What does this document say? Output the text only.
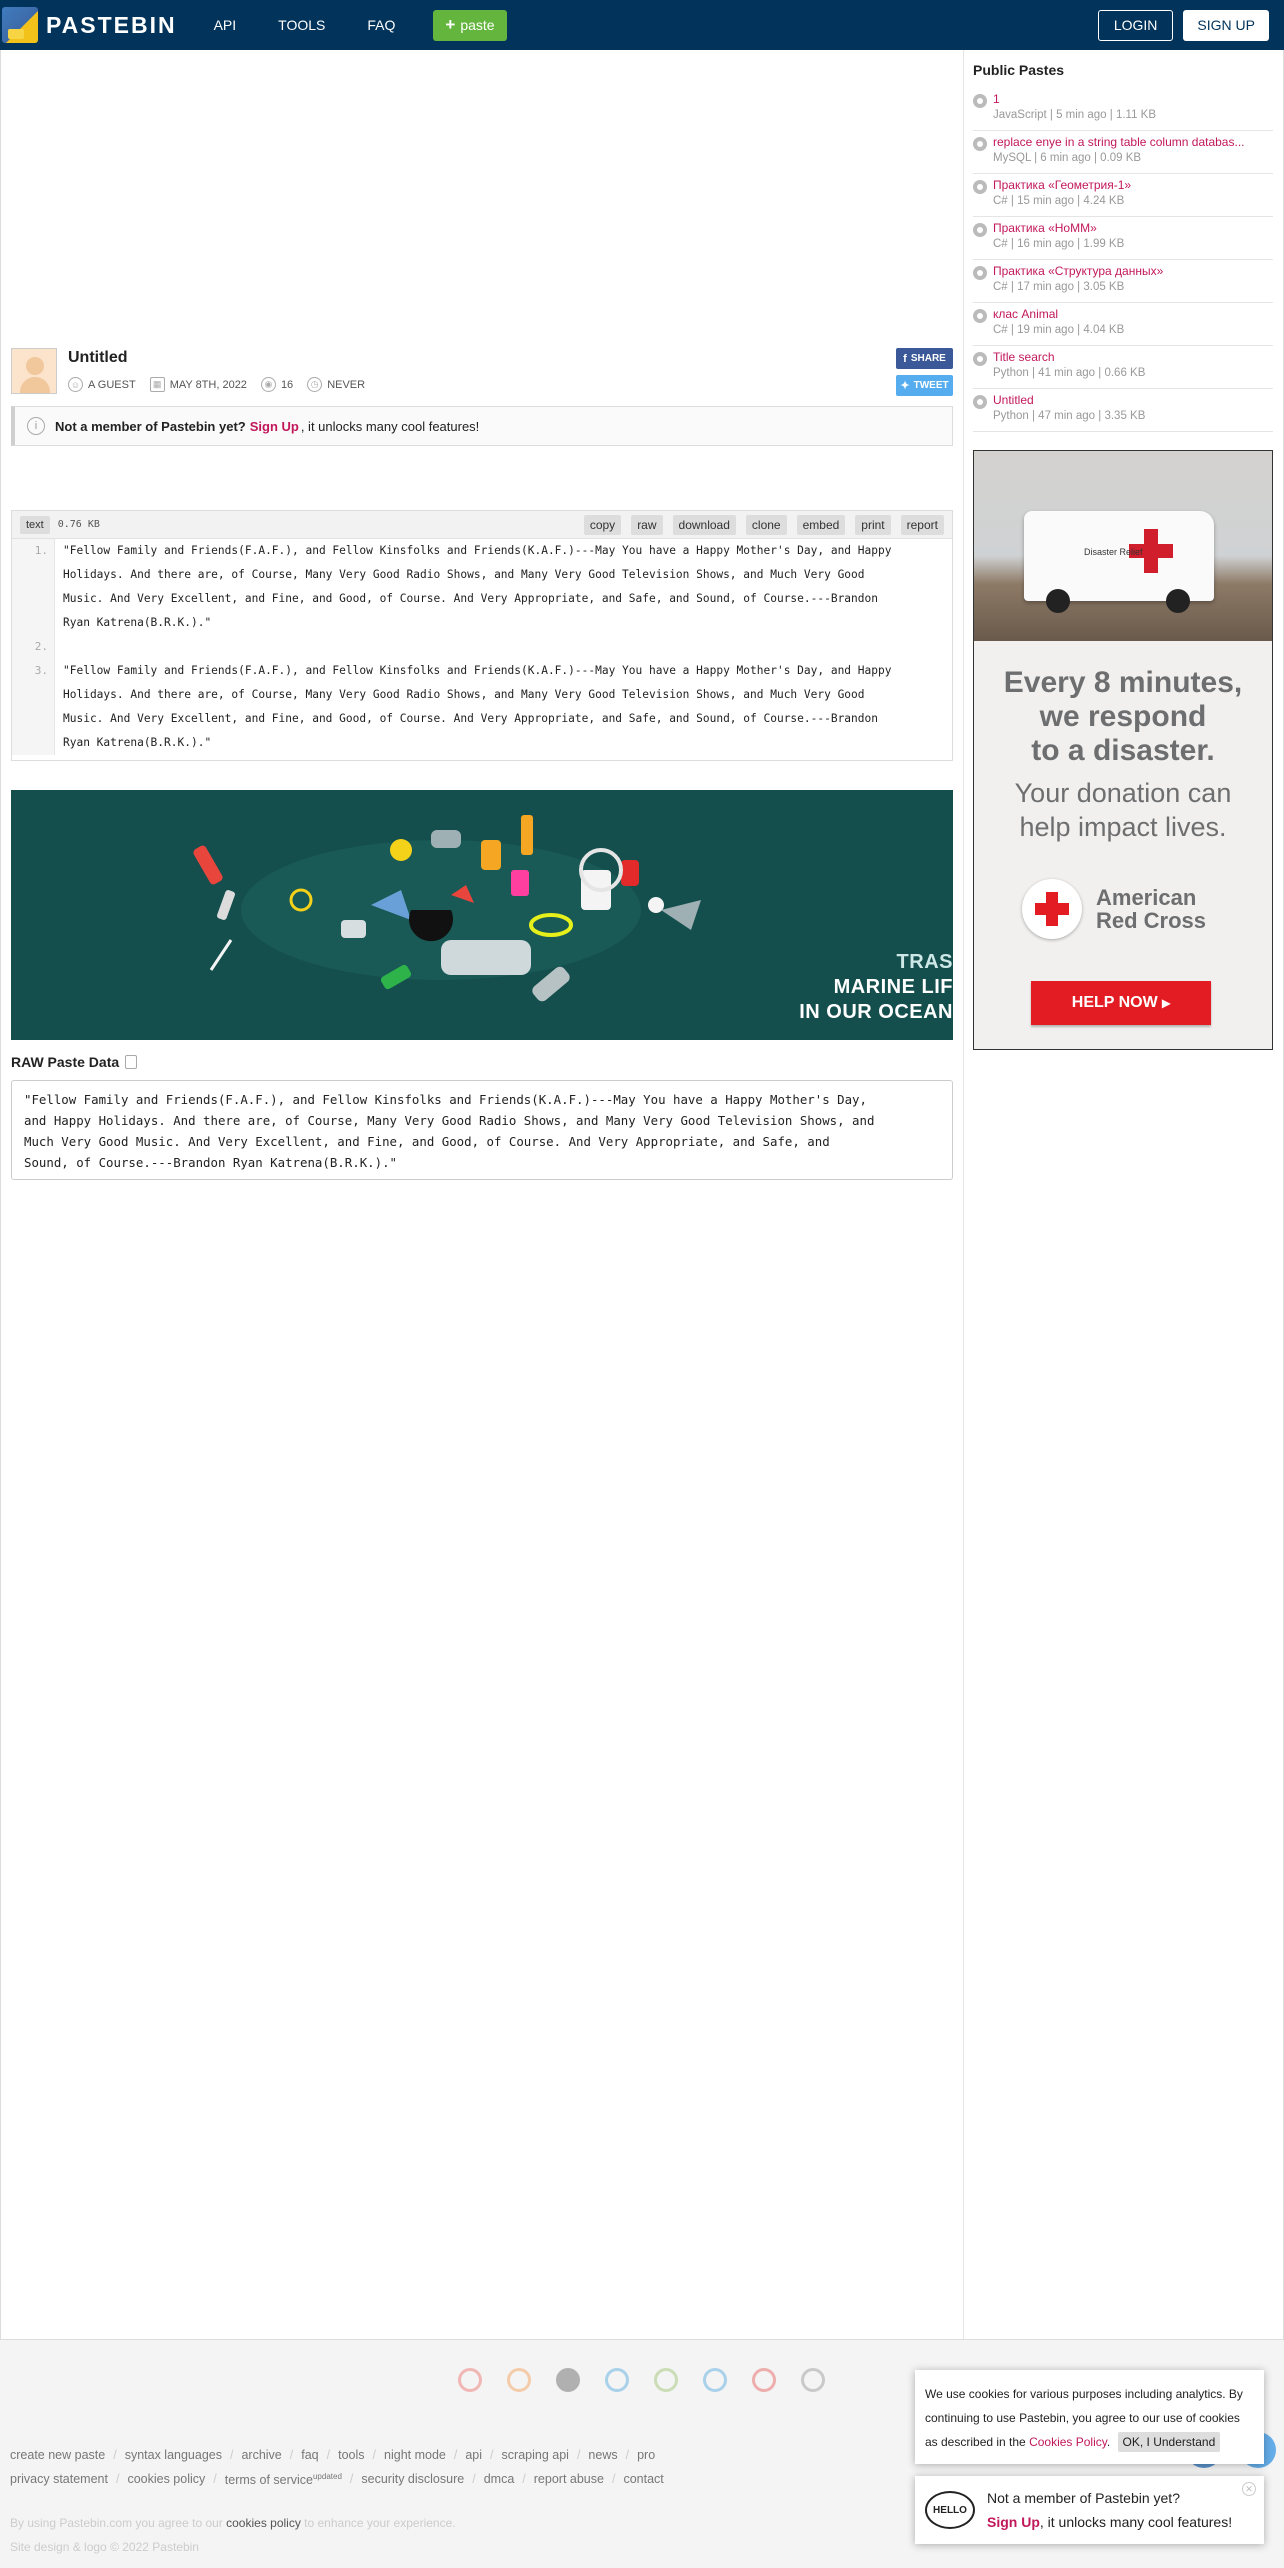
PASTEBIN	API	TOOLS	FAQ	+ paste	LOGIN	SIGN UP
Untitled
☺ A GUEST	▦ MAY 8TH, 2022	◉ 16	◷ NEVER
f SHARE
✦ TWEET
i	Not a member of Pastebin yet? Sign Up , it unlocks many cool features!
text	0.76 KB	copy	raw	download	clone	embed	print	report
1.

2.
3.

"Fellow Family and Friends(F.A.F.), and Fellow Kinsfolks and Friends(K.A.F.)---May You have a Happy Mother's Day, and Happy
Holidays. And there are, of Course, Many Very Good Radio Shows, and Many Very Good Television Shows, and Much Very Good
Music. And Very Excellent, and Fine, and Good, of Course. And Very Appropriate, and Safe, and Sound, of Course.---Brandon
Ryan Katrena(B.R.K.)."

"Fellow Family and Friends(F.A.F.), and Fellow Kinsfolks and Friends(K.A.F.)---May You have a Happy Mother's Day, and Happy
Holidays. And there are, of Course, Many Very Good Radio Shows, and Many Very Good Television Shows, and Much Very Good
Music. And Very Excellent, and Fine, and Good, of Course. And Very Appropriate, and Safe, and Sound, of Course.---Brandon
Ryan Katrena(B.R.K.)."
TRAS
MARINE LIF
IN OUR OCEAN
RAW Paste Data
"Fellow Family and Friends(F.A.F.), and Fellow Kinsfolks and Friends(K.A.F.)---May You have a Happy Mother's Day,
and Happy Holidays. And there are, of Course, Many Very Good Radio Shows, and Many Very Good Television Shows, and
Much Very Good Music. And Very Excellent, and Fine, and Good, of Course. And Very Appropriate, and Safe, and
Sound, of Course.---Brandon Ryan Katrena(B.R.K.)."
Public Pastes
1
JavaScript | 5 min ago | 1.11 KB
replace enye in a string table column databas...
MySQL | 6 min ago | 0.09 KB
Практика «Геометрия-1»
C# | 15 min ago | 4.24 KB
Практика «НоММ»
C# | 16 min ago | 1.99 KB
Практика «Структура данных»
C# | 17 min ago | 3.05 KB
клас Animal
C# | 19 min ago | 4.04 KB
Title search
Python | 41 min ago | 0.66 KB
Untitled
Python | 47 min ago | 3.35 KB
Disaster Relief
Every 8 minutes,
we respond
to a disaster.
Your donation can
help impact lives.
American
Red Cross
HELP NOW
▸
create new paste / syntax languages / archive / faq / tools / night mode / api / scraping api / news / pro
privacy statement / cookies policy / terms of service$^{updated}$ / security disclosure / dmca / report abuse / contact
By using Pastebin.com you agree to our cookies policy to enhance your experience.
Site design & logo © 2022 Pastebin
We use cookies for various purposes including analytics. By continuing to use Pastebin, you agree to our use of cookies as described in the Cookies Policy. OK, I Understand
HELLO
Not a member of Pastebin yet?
Sign Up, it unlocks many cool features!
✕
